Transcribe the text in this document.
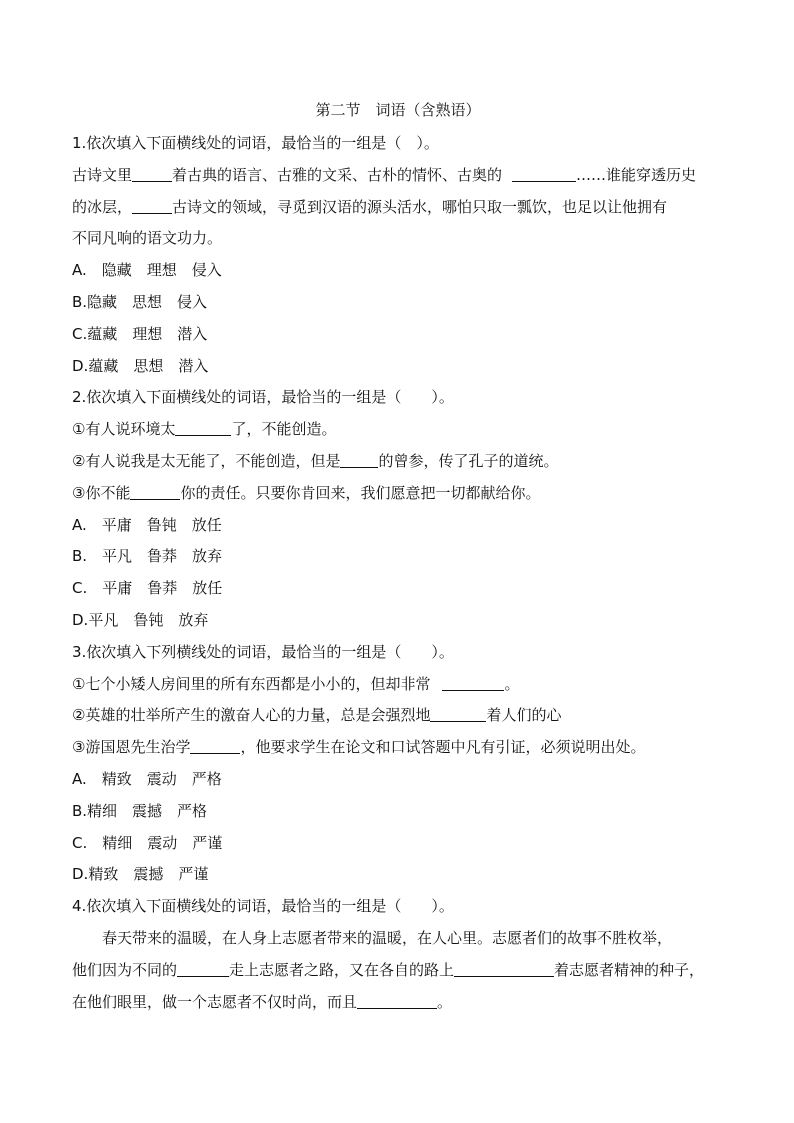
第二节　词语（含熟语）
1.依次填入下面横线处的词语，最恰当的一组是（　）。
古诗文里	着古典的语言、古雅的文采、古朴的情怀、古奥的	……谁能穿透历史
的冰层，	古诗文的领域，寻觅到汉语的源头活水，哪怕只取一瓢饮，也足以让他拥有
不同凡响的语文功力。
A.　隐藏　理想　侵入
B.隐藏　思想　侵入
C.蕴藏　理想　潜入
D.蕴藏　思想　潜入
2.依次填入下面横线处的词语，最恰当的一组是（　　）。
①有人说环境太	了，不能创造。
②有人说我是太无能了，不能创造，但是	的曾参，传了孔子的道统。
③你不能	你的责任。只要你肯回来，我们愿意把一切都献给你。
A.　平庸　鲁钝　放任
B.　平凡　鲁莽　放弃
C.　平庸　鲁莽　放任
D.平凡　鲁钝　放弃
3.依次填入下列横线处的词语，最恰当的一组是（　　）。
①七个小矮人房间里的所有东西都是小小的，但却非常	。
②英雄的壮举所产生的激奋人心的力量，总是会强烈地	着人们的心
③游国恩先生治学	，他要求学生在论文和口试答题中凡有引证，必须说明出处。
A.　精致　震动　严格
B.精细　震撼　严格
C.　精细　震动　严谨
D.精致　震撼　严谨
4.依次填入下面横线处的词语，最恰当的一组是（　　）。
春天带来的温暖，在人身上志愿者带来的温暖，在人心里。志愿者们的故事不胜枚举，
他们因为不同的	走上志愿者之路，又在各自的路上	着志愿者精神的种子，
在他们眼里，做一个志愿者不仅时尚，而且	。
